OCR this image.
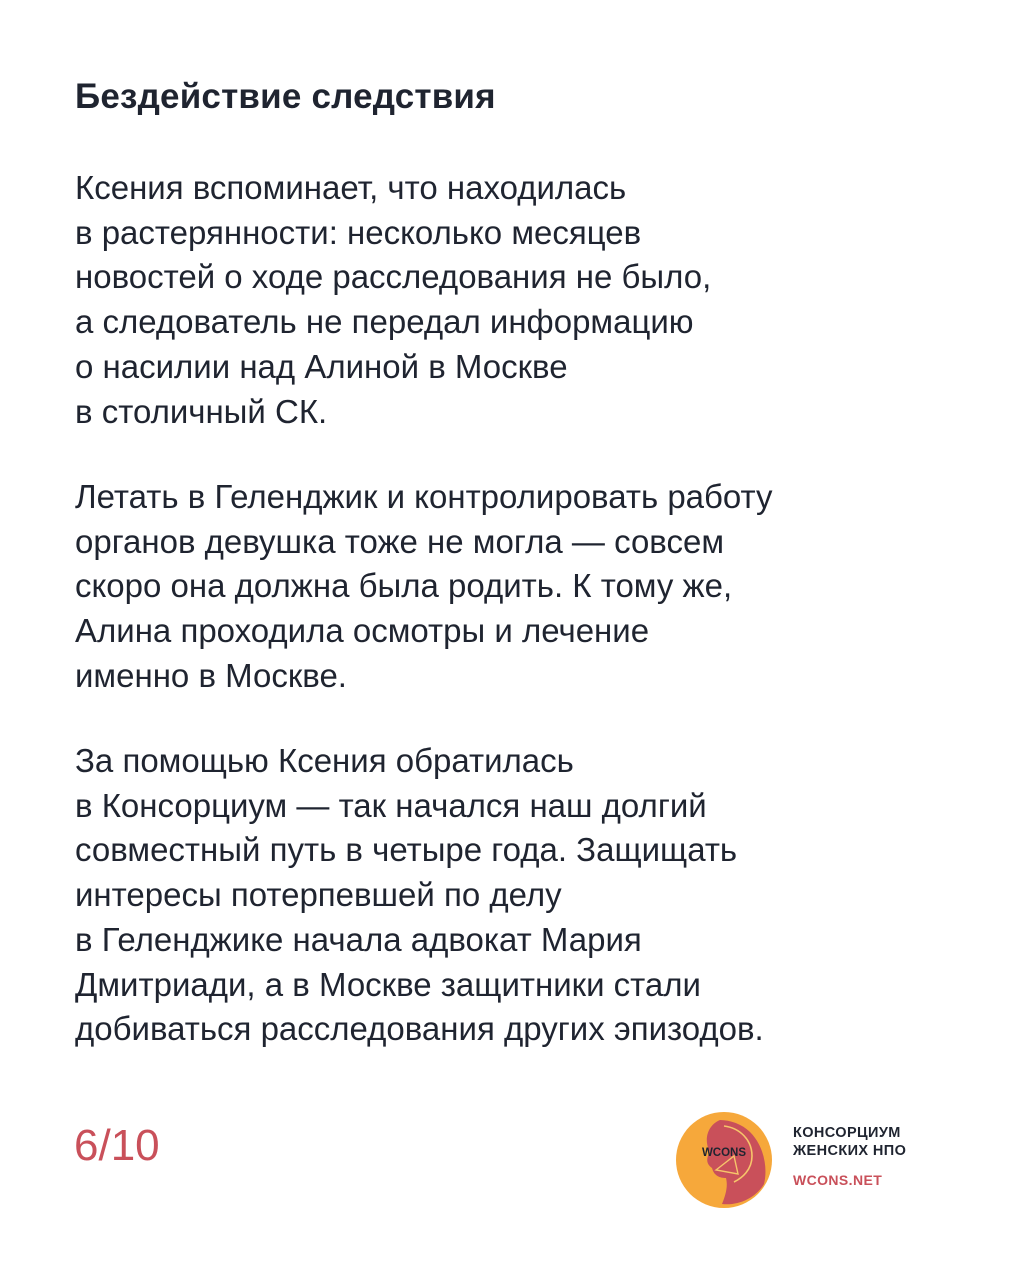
Бездействие следствия

Ксения вспоминает, что находилась
в растерянности: несколько месяцев
новостей о ходе расследования не было,
а следователь не передал информацию
о насилии над Алиной в Москве
в столичный СК.

Летать в Геленджик и контролировать работу
органов девушка тоже не могла — совсем
скоро она должна была родить. К тому же,
Алина проходила осмотры и лечение
именно в Москве.

За помощью Ксения обратилась
в Консорциум — так начался наш долгий
совместный путь в четыре года. Защищать
интересы потерпевшей по делу
в Геленджике начала адвокат Мария
Дмитриади, а в Москве защитники стали
добиваться расследования других эпизодов.

6/10	WCONS
КОНСОРЦИУМ
ЖЕНСКИХ НПО
WCONS.NET
